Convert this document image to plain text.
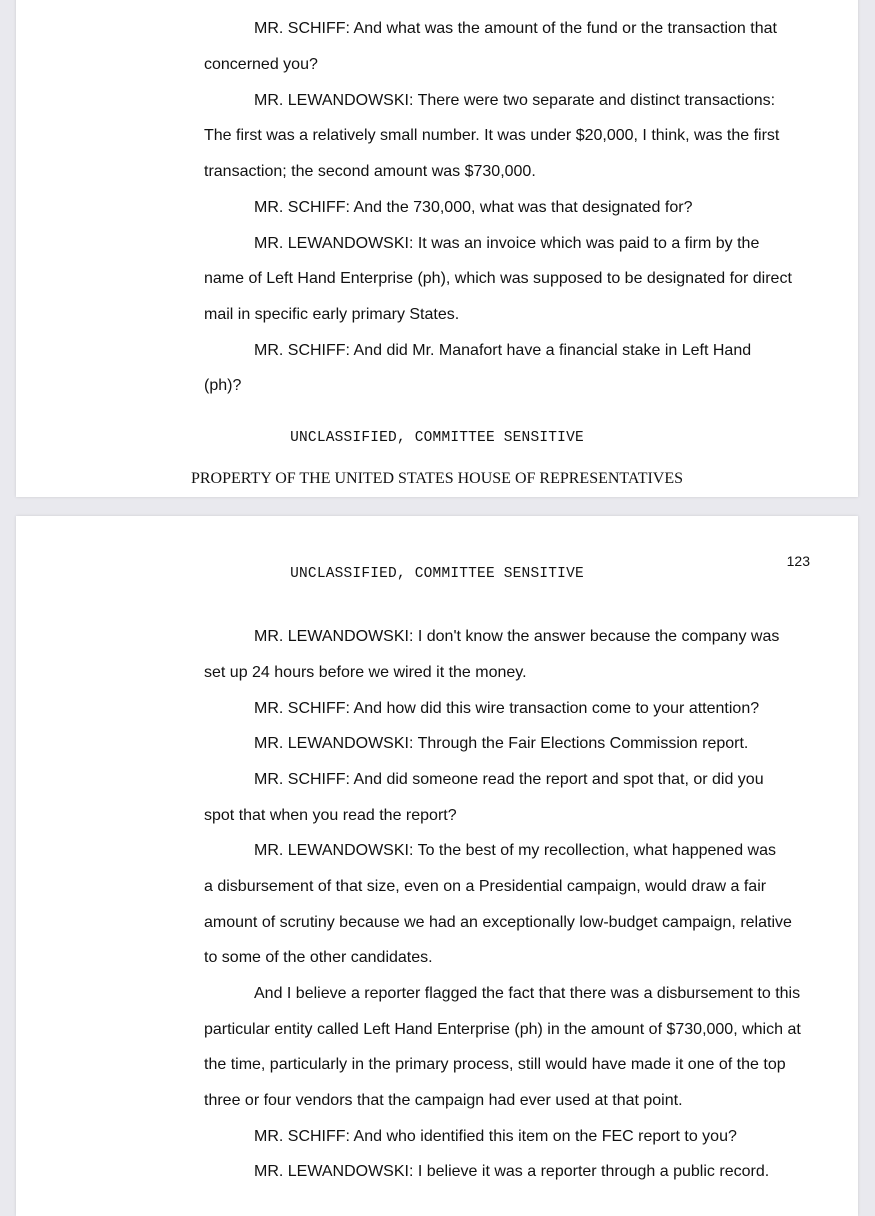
MR. SCHIFF: And what was the amount of the fund or the transaction that
concerned you?
MR. LEWANDOWSKI: There were two separate and distinct transactions:
The first was a relatively small number. It was under $20,000, I think, was the first
transaction; the second amount was $730,000.
MR. SCHIFF: And the 730,000, what was that designated for?
MR. LEWANDOWSKI: It was an invoice which was paid to a firm by the
name of Left Hand Enterprise (ph), which was supposed to be designated for direct
mail in specific early primary States.
MR. SCHIFF: And did Mr. Manafort have a financial stake in Left Hand
(ph)?
UNCLASSIFIED, COMMITTEE SENSITIVE
PROPERTY OF THE UNITED STATES HOUSE OF REPRESENTATIVES
123
UNCLASSIFIED, COMMITTEE SENSITIVE
MR. LEWANDOWSKI: I don't know the answer because the company was
set up 24 hours before we wired it the money.
MR. SCHIFF: And how did this wire transaction come to your attention?
MR. LEWANDOWSKI: Through the Fair Elections Commission report.
MR. SCHIFF: And did someone read the report and spot that, or did you
spot that when you read the report?
MR. LEWANDOWSKI: To the best of my recollection, what happened was
a disbursement of that size, even on a Presidential campaign, would draw a fair
amount of scrutiny because we had an exceptionally low-budget campaign, relative
to some of the other candidates.
And I believe a reporter flagged the fact that there was a disbursement to this
particular entity called Left Hand Enterprise (ph) in the amount of $730,000, which at
the time, particularly in the primary process, still would have made it one of the top
three or four vendors that the campaign had ever used at that point.
MR. SCHIFF: And who identified this item on the FEC report to you?
MR. LEWANDOWSKI: I believe it was a reporter through a public record.
